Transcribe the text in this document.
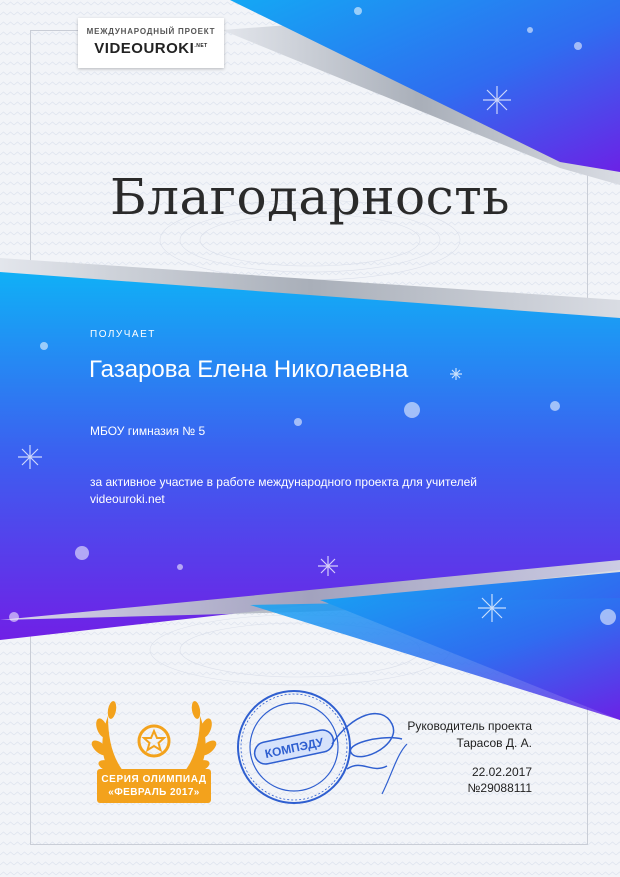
МЕЖДУНАРОДНЫЙ ПРОЕКТ
$VIDEOUROKI^{.NET}$
Благодарность
ПОЛУЧАЕТ
Газарова Елена Николаевна
МБОУ гимназия № 5
за активное участие в работе международного проекта для учителей
videouroki.net
СЕРИЯ ОЛИМПИАД
«ФЕВРАЛЬ 2017»
КОМПЭДУ
Руководитель проекта
Тарасов Д. А.
22.02.2017
№29088111
